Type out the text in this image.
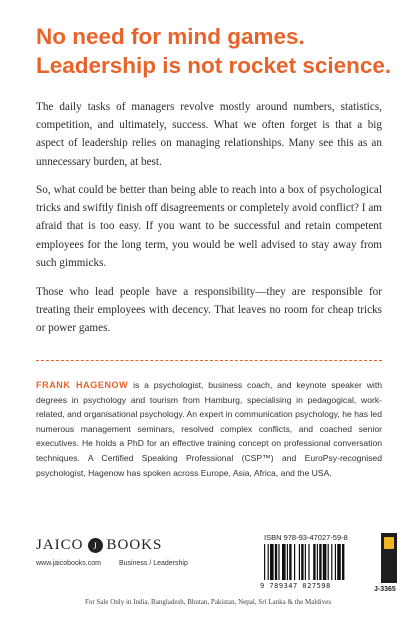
No need for mind games.
Leadership is not rocket science.

The daily tasks of managers revolve mostly around numbers, statistics, competition, and ultimately, success. What we often forget is that a big aspect of leadership relies on managing relationships. Many see this as an unnecessary burden, at best.

So, what could be better than being able to reach into a box of psychological tricks and swiftly finish off disagreements or completely avoid conflict? I am afraid that is too easy. If you want to be successful and retain competent employees for the long term, you would be well advised to stay away from such gimmicks.

Those who lead people have a responsibility—they are responsible for treating their employees with decency. That leaves no room for cheap tricks or power games.

FRANK HAGENOW is a psychologist, business coach, and keynote speaker with degrees in psychology and tourism from Hamburg, specialising in pedagogical, work-related, and organisational psychology. An expert in communication psychology, he has led numerous management seminars, resolved complex conflicts, and coached senior executives. He holds a PhD for an effective training concept on professional conversation techniques. A Certified Speaking Professional (CSP™) and EuroPsy-recognised psychologist, Hagenow has spoken across Europe, Asia, Africa, and the USA.

JAICO	J BOOKS
www.jaicobooks.com	Business / Leadership
ISBN 978-93-47027-59-8
9 789347 027598	J-3365
For Sale Only in India, Bangladesh, Bhutan, Pakistan, Nepal, Sri Lanka & the Maldives
